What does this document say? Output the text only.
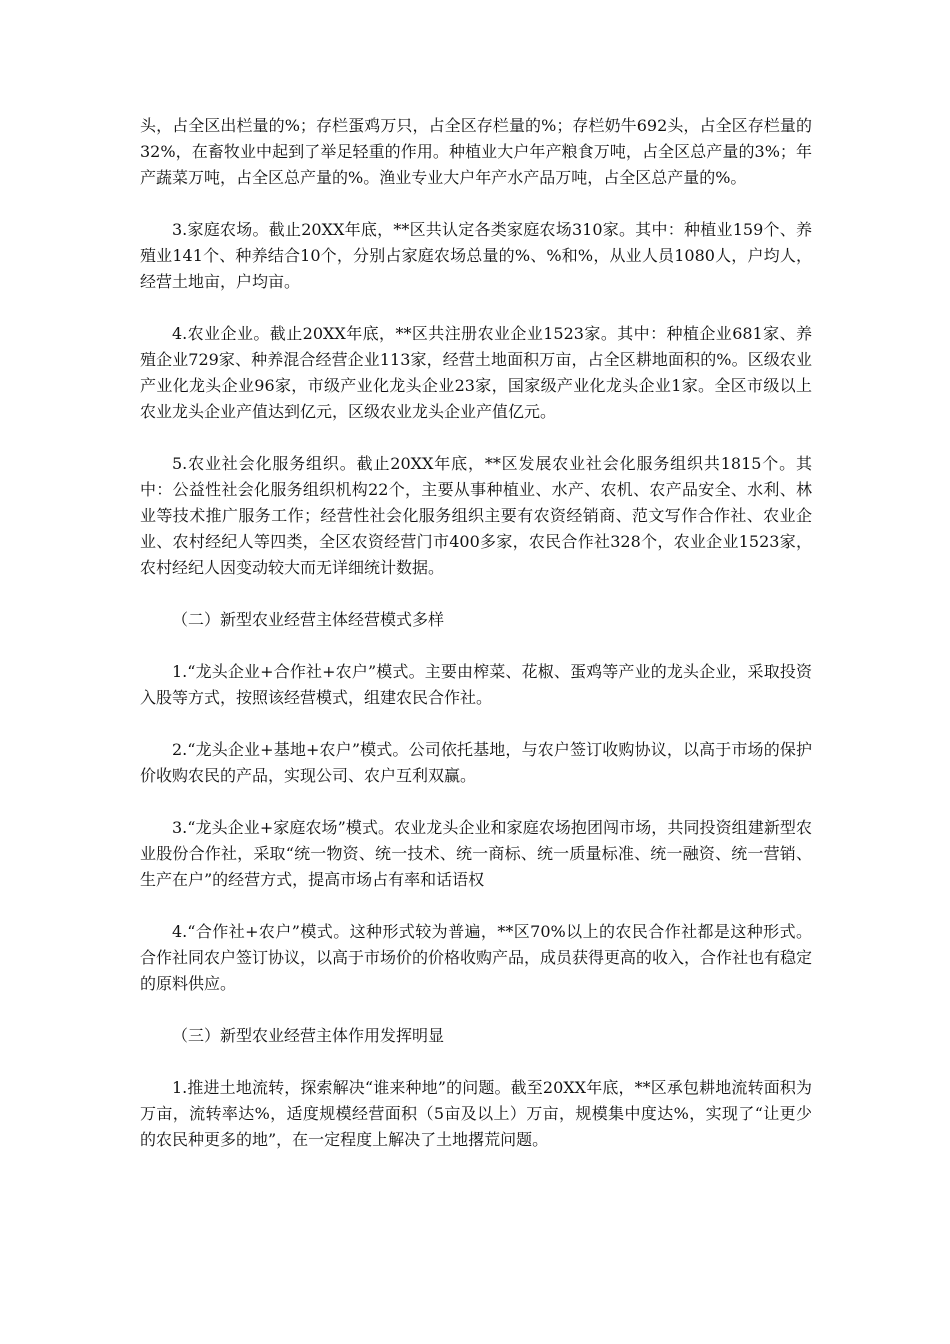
头，占全区出栏量的%；存栏蛋鸡万只，占全区存栏量的%；存栏奶牛692头，占全区存栏量的32%，在畜牧业中起到了举足轻重的作用。种植业大户年产粮食万吨，占全区总产量的3%；年产蔬菜万吨，占全区总产量的%。渔业专业大户年产水产品万吨，占全区总产量的%。

3.家庭农场。截止20XX年底，**区共认定各类家庭农场310家。其中：种植业159个、养殖业141个、种养结合10个，分别占家庭农场总量的%、%和%，从业人员1080人，户均人，经营土地亩，户均亩。

4.农业企业。截止20XX年底，**区共注册农业企业1523家。其中：种植企业681家、养殖企业729家、种养混合经营企业113家，经营土地面积万亩，占全区耕地面积的%。区级农业产业化龙头企业96家，市级产业化龙头企业23家，国家级产业化龙头企业1家。全区市级以上农业龙头企业产值达到亿元，区级农业龙头企业产值亿元。

5.农业社会化服务组织。截止20XX年底，**区发展农业社会化服务组织共1815个。其中：公益性社会化服务组织机构22个，主要从事种植业、水产、农机、农产品安全、水利、林业等技术推广服务工作；经营性社会化服务组织主要有农资经销商、范文写作合作社、农业企业、农村经纪人等四类，全区农资经营门市400多家，农民合作社328个，农业企业1523家，农村经纪人因变动较大而无详细统计数据。

（二）新型农业经营主体经营模式多样

1.“龙头企业+合作社+农户”模式。主要由榨菜、花椒、蛋鸡等产业的龙头企业，采取投资入股等方式，按照该经营模式，组建农民合作社。

2.“龙头企业+基地+农户”模式。公司依托基地，与农户签订收购协议，以高于市场的保护价收购农民的产品，实现公司、农户互利双赢。

3.“龙头企业+家庭农场”模式。农业龙头企业和家庭农场抱团闯市场，共同投资组建新型农业股份合作社，采取“统一物资、统一技术、统一商标、统一质量标准、统一融资、统一营销、生产在户”的经营方式，提高市场占有率和话语权

4.“合作社+农户”模式。这种形式较为普遍，**区70%以上的农民合作社都是这种形式。合作社同农户签订协议，以高于市场价的价格收购产品，成员获得更高的收入，合作社也有稳定的原料供应。

（三）新型农业经营主体作用发挥明显

1.推进土地流转，探索解决“谁来种地”的问题。截至20XX年底，**区承包耕地流转面积为万亩，流转率达%，适度规模经营面积（5亩及以上）万亩，规模集中度达%，实现了“让更少的农民种更多的地”，在一定程度上解决了土地撂荒问题。
